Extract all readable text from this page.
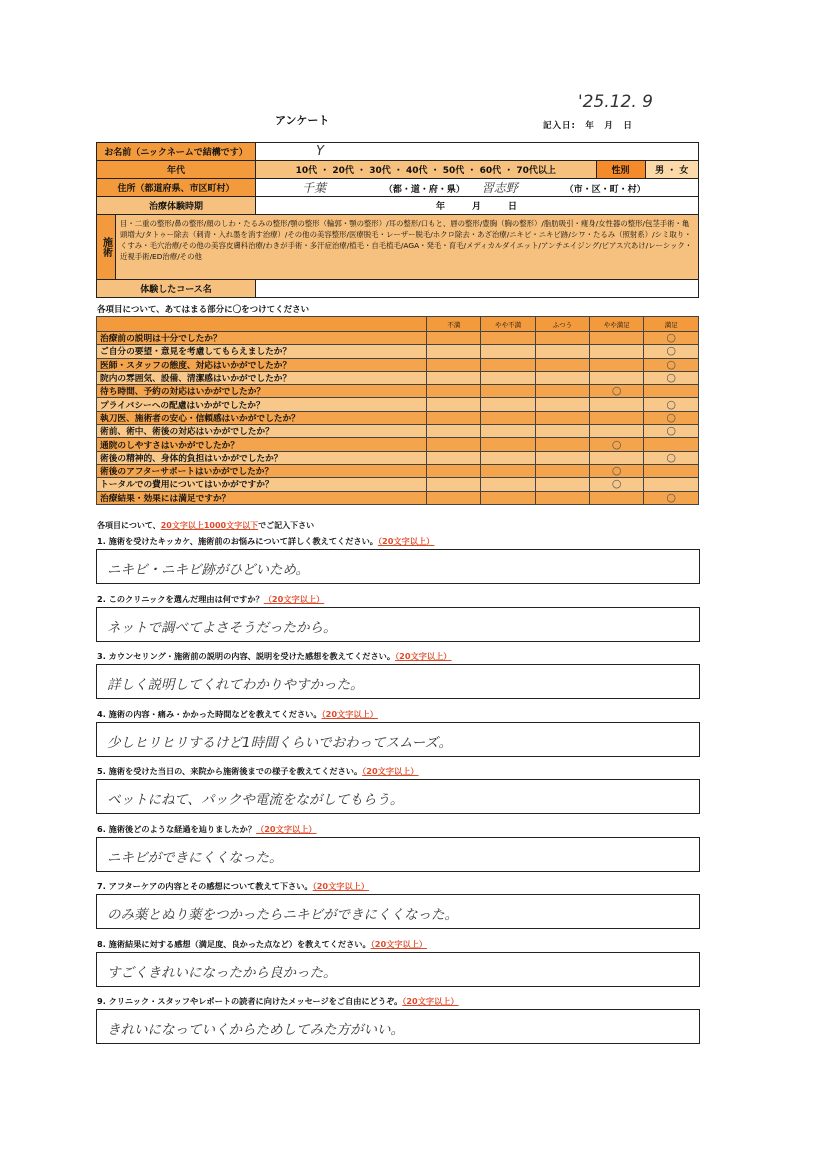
アンケート
'25.12. 9
記入日:　年　月　日
お名前（ニックネームで結構です）	Y		
年代	10代 ・ 20代 ・ 30代 ・ 40代 ・ 50代 ・ 60代 ・ 70代以上	性別	男 ・ 女
住所（都道府県、市区町村）	千葉 （都・道・府・県） 習志野 （市・区・町・村）		
治療体験時期	年　　　月　　　日		

施術
目・二重の整形/鼻の整形/顔のしわ・たるみの整形/顎の整形（輪郭・顎の整形）/耳の整形/口もと、唇の整形/豊胸（胸の整形）/脂肪吸引・痩身/女性器の整形/包茎手術・亀頭増大/タトゥー除去（刺青・入れ墨を消す治療）/その他の美容整形/医療脱毛・レーザー脱毛/ホクロ除去・あざ治療/ニキビ・ニキビ跡/シワ・たるみ（照射系）/シミ取り・くすみ・毛穴治療/その他の美容皮膚科治療/わきが手術・多汗症治療/植毛・自毛植毛/AGA・発毛・育毛/メディカルダイエット/アンチエイジング/ピアス穴あけ/レーシック・近視手術/ED治療/その他			

体験したコース名			
各項目について、あてはまる部分に〇をつけてください
	不満	やや不満	ふつう	やや満足	満足
治療前の説明は十分でしたか？					○
ご自分の要望・意見を考慮してもらえましたか？					○
医師・スタッフの態度、対応はいかがでしたか？					○
院内の雰囲気、設備、清潔感はいかがでしたか？					○
待ち時間、予約の対応はいかがでしたか？				○	
プライバシーへの配慮はいかがでしたか？					○
執刀医、施術者の安心・信頼感はいかがでしたか？					○
術前、術中、術後の対応はいかがでしたか？					○
通院のしやすさはいかがでしたか？				○	
術後の精神的、身体的負担はいかがでしたか？					○
術後のアフターサポートはいかがでしたか？				○	
トータルでの費用についてはいかがですか？				○	
治療結果・効果には満足ですか？					○
各項目について、20文字以上1000文字以下でご記入下さい
1. 施術を受けたキッカケ、施術前のお悩みについて詳しく教えてください。（20文字以上）
ニキビ・ニキビ跡がひどいため。
2. このクリニックを選んだ理由は何ですか？（20文字以上）
ネットで調べてよさそうだったから。
3. カウンセリング・施術前の説明の内容、説明を受けた感想を教えてください。（20文字以上）
詳しく説明してくれてわかりやすかった。
4. 施術の内容・痛み・かかった時間などを教えてください。（20文字以上）
少しヒリヒリするけど1時間くらいでおわってスムーズ。
5. 施術を受けた当日の、来院から施術後までの様子を教えてください。（20文字以上）
ベットにねて、パックや電流をながしてもらう。
6. 施術後どのような経過を辿りましたか？（20文字以上）
ニキビができにくくなった。
7. アフターケアの内容とその感想について教えて下さい。（20文字以上）
のみ薬とぬり薬をつかったらニキビができにくくなった。
8. 施術結果に対する感想（満足度、良かった点など）を教えてください。（20文字以上）
すごくきれいになったから良かった。
9. クリニック・スタッフやレポートの読者に向けたメッセージをご自由にどうぞ。（20文字以上）
きれいになっていくからためしてみた方がいい。
